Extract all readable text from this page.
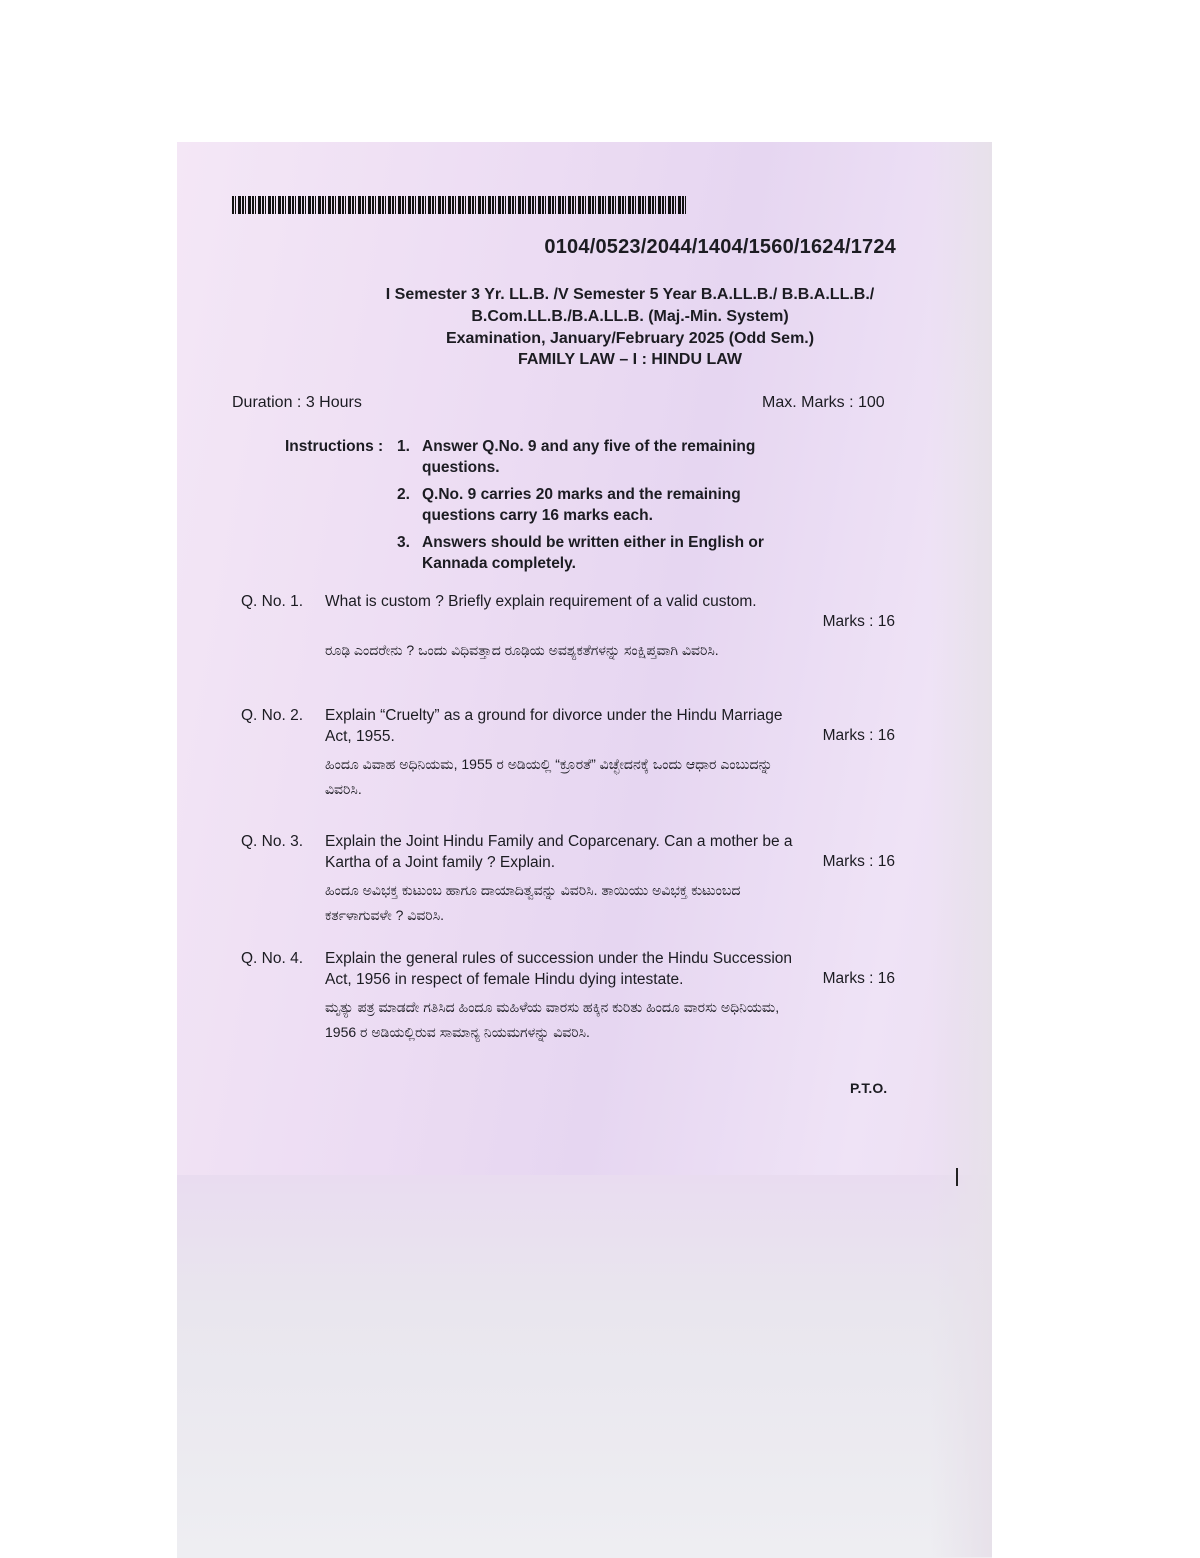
0104/0523/2044/1404/1560/1624/1724
I Semester 3 Yr. LL.B. /V Semester 5 Year B.A.LL.B./ B.B.A.LL.B./
B.Com.LL.B./B.A.LL.B. (Maj.-Min. System)
Examination, January/February 2025 (Odd Sem.)
FAMILY LAW – I : HINDU LAW
Duration : 3 Hours	Max. Marks : 100
Instructions : 1. Answer Q.No. 9 and any five of the remaining questions.
2. Q.No. 9 carries 20 marks and the remaining questions carry 16 marks each.
3. Answers should be written either in English or Kannada completely.
Q. No. 1. What is custom ? Briefly explain requirement of a valid custom.
Marks : 16
ರೂಢಿ ಎಂದರೇನು ? ಒಂದು ವಿಧಿವತ್ತಾದ ರೂಢಿಯ ಅವಶ್ಯಕತೆಗಳನ್ನು ಸಂಕ್ಷಿಪ್ತವಾಗಿ ವಿವರಿಸಿ.
Q. No. 2. Explain “Cruelty” as a ground for divorce under the Hindu Marriage Act, 1955.	Marks : 16
ಹಿಂದೂ ವಿವಾಹ ಅಧಿನಿಯಮ, 1955 ರ ಅಡಿಯಲ್ಲಿ “ಕ್ರೂರತೆ” ವಿಚ್ಛೇದನಕ್ಕೆ ಒಂದು ಆಧಾರ ಎಂಬುದನ್ನು ವಿವರಿಸಿ.
Q. No. 3. Explain the Joint Hindu Family and Coparcenary. Can a mother be a Kartha of a Joint family ? Explain.	Marks : 16
ಹಿಂದೂ ಅವಿಭಕ್ತ ಕುಟುಂಬ ಹಾಗೂ ದಾಯಾದಿತ್ವವನ್ನು ವಿವರಿಸಿ. ತಾಯಿಯು ಅವಿಭಕ್ತ ಕುಟುಂಬದ ಕರ್ತಳಾಗುವಳೇ ? ವಿವರಿಸಿ.
Q. No. 4. Explain the general rules of succession under the Hindu Succession Act, 1956 in respect of female Hindu dying intestate.	Marks : 16
ಮೃತ್ಯು ಪತ್ರ ಮಾಡದೇ ಗತಿಸಿದ ಹಿಂದೂ ಮಹಿಳೆಯ ವಾರಸು ಹಕ್ಕಿನ ಕುರಿತು ಹಿಂದೂ ವಾರಸು ಅಧಿನಿಯಮ, 1956 ರ ಅಡಿಯಲ್ಲಿರುವ ಸಾಮಾನ್ಯ ನಿಯಮಗಳನ್ನು ವಿವರಿಸಿ.
P.T.O.
